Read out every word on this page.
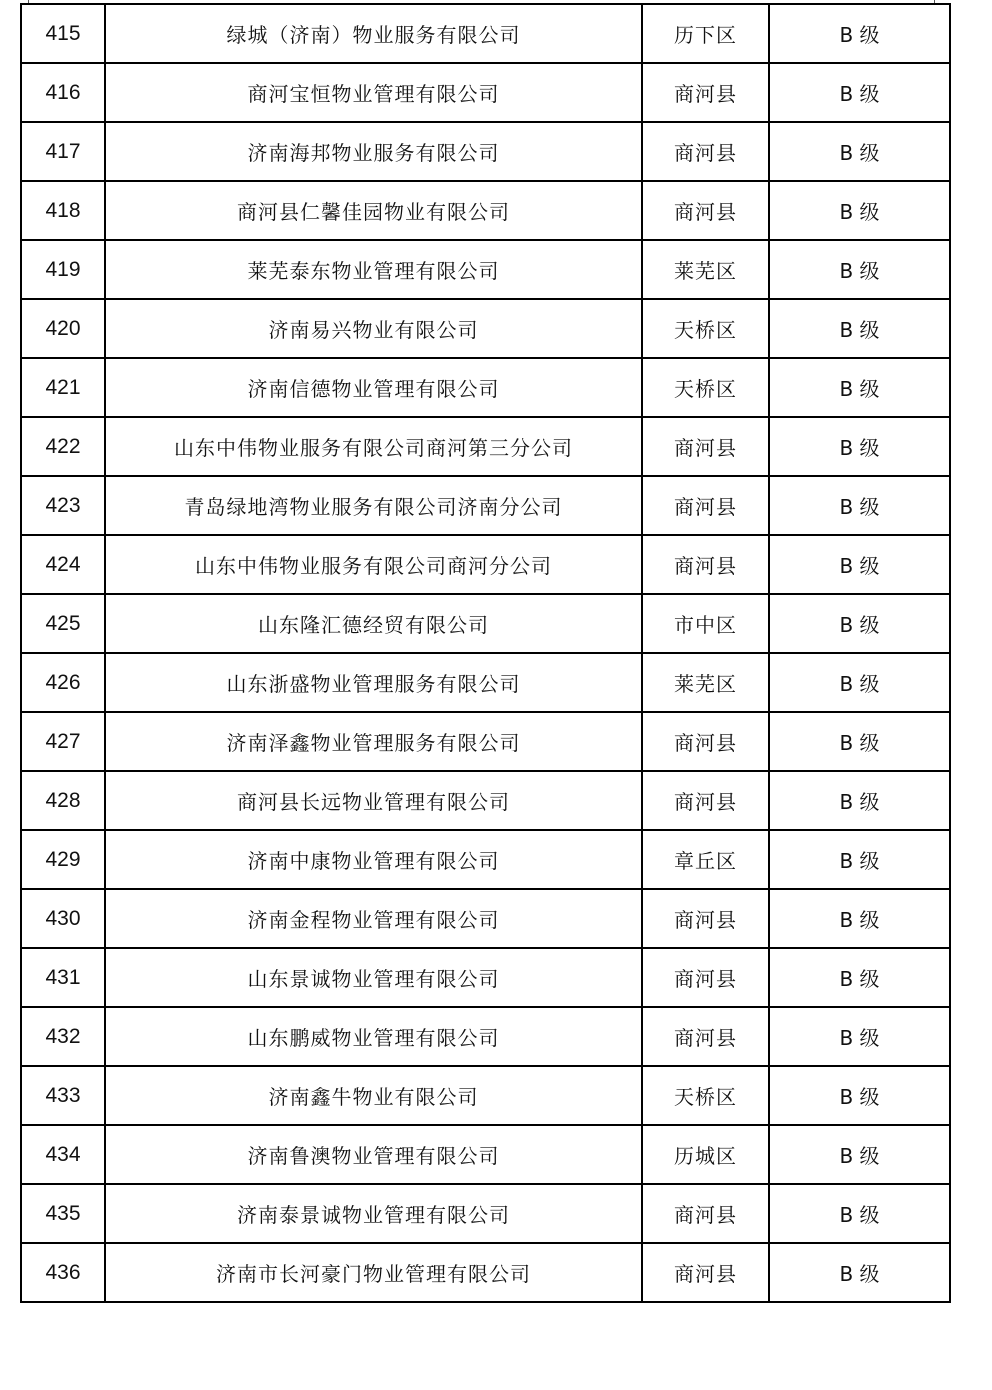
415	绿城（济南）物业服务有限公司	历下区	B 级
416	商河宝恒物业管理有限公司	商河县	B 级
417	济南海邦物业服务有限公司	商河县	B 级
418	商河县仁馨佳园物业有限公司	商河县	B 级
419	莱芜泰东物业管理有限公司	莱芜区	B 级
420	济南易兴物业有限公司	天桥区	B 级
421	济南信德物业管理有限公司	天桥区	B 级
422	山东中伟物业服务有限公司商河第三分公司	商河县	B 级
423	青岛绿地湾物业服务有限公司济南分公司	商河县	B 级
424	山东中伟物业服务有限公司商河分公司	商河县	B 级
425	山东隆汇德经贸有限公司	市中区	B 级
426	山东浙盛物业管理服务有限公司	莱芜区	B 级
427	济南泽鑫物业管理服务有限公司	商河县	B 级
428	商河县长远物业管理有限公司	商河县	B 级
429	济南中康物业管理有限公司	章丘区	B 级
430	济南金程物业管理有限公司	商河县	B 级
431	山东景诚物业管理有限公司	商河县	B 级
432	山东鹏威物业管理有限公司	商河县	B 级
433	济南鑫牛物业有限公司	天桥区	B 级
434	济南鲁澳物业管理有限公司	历城区	B 级
435	济南泰景诚物业管理有限公司	商河县	B 级
436	济南市长河豪门物业管理有限公司	商河县	B 级
